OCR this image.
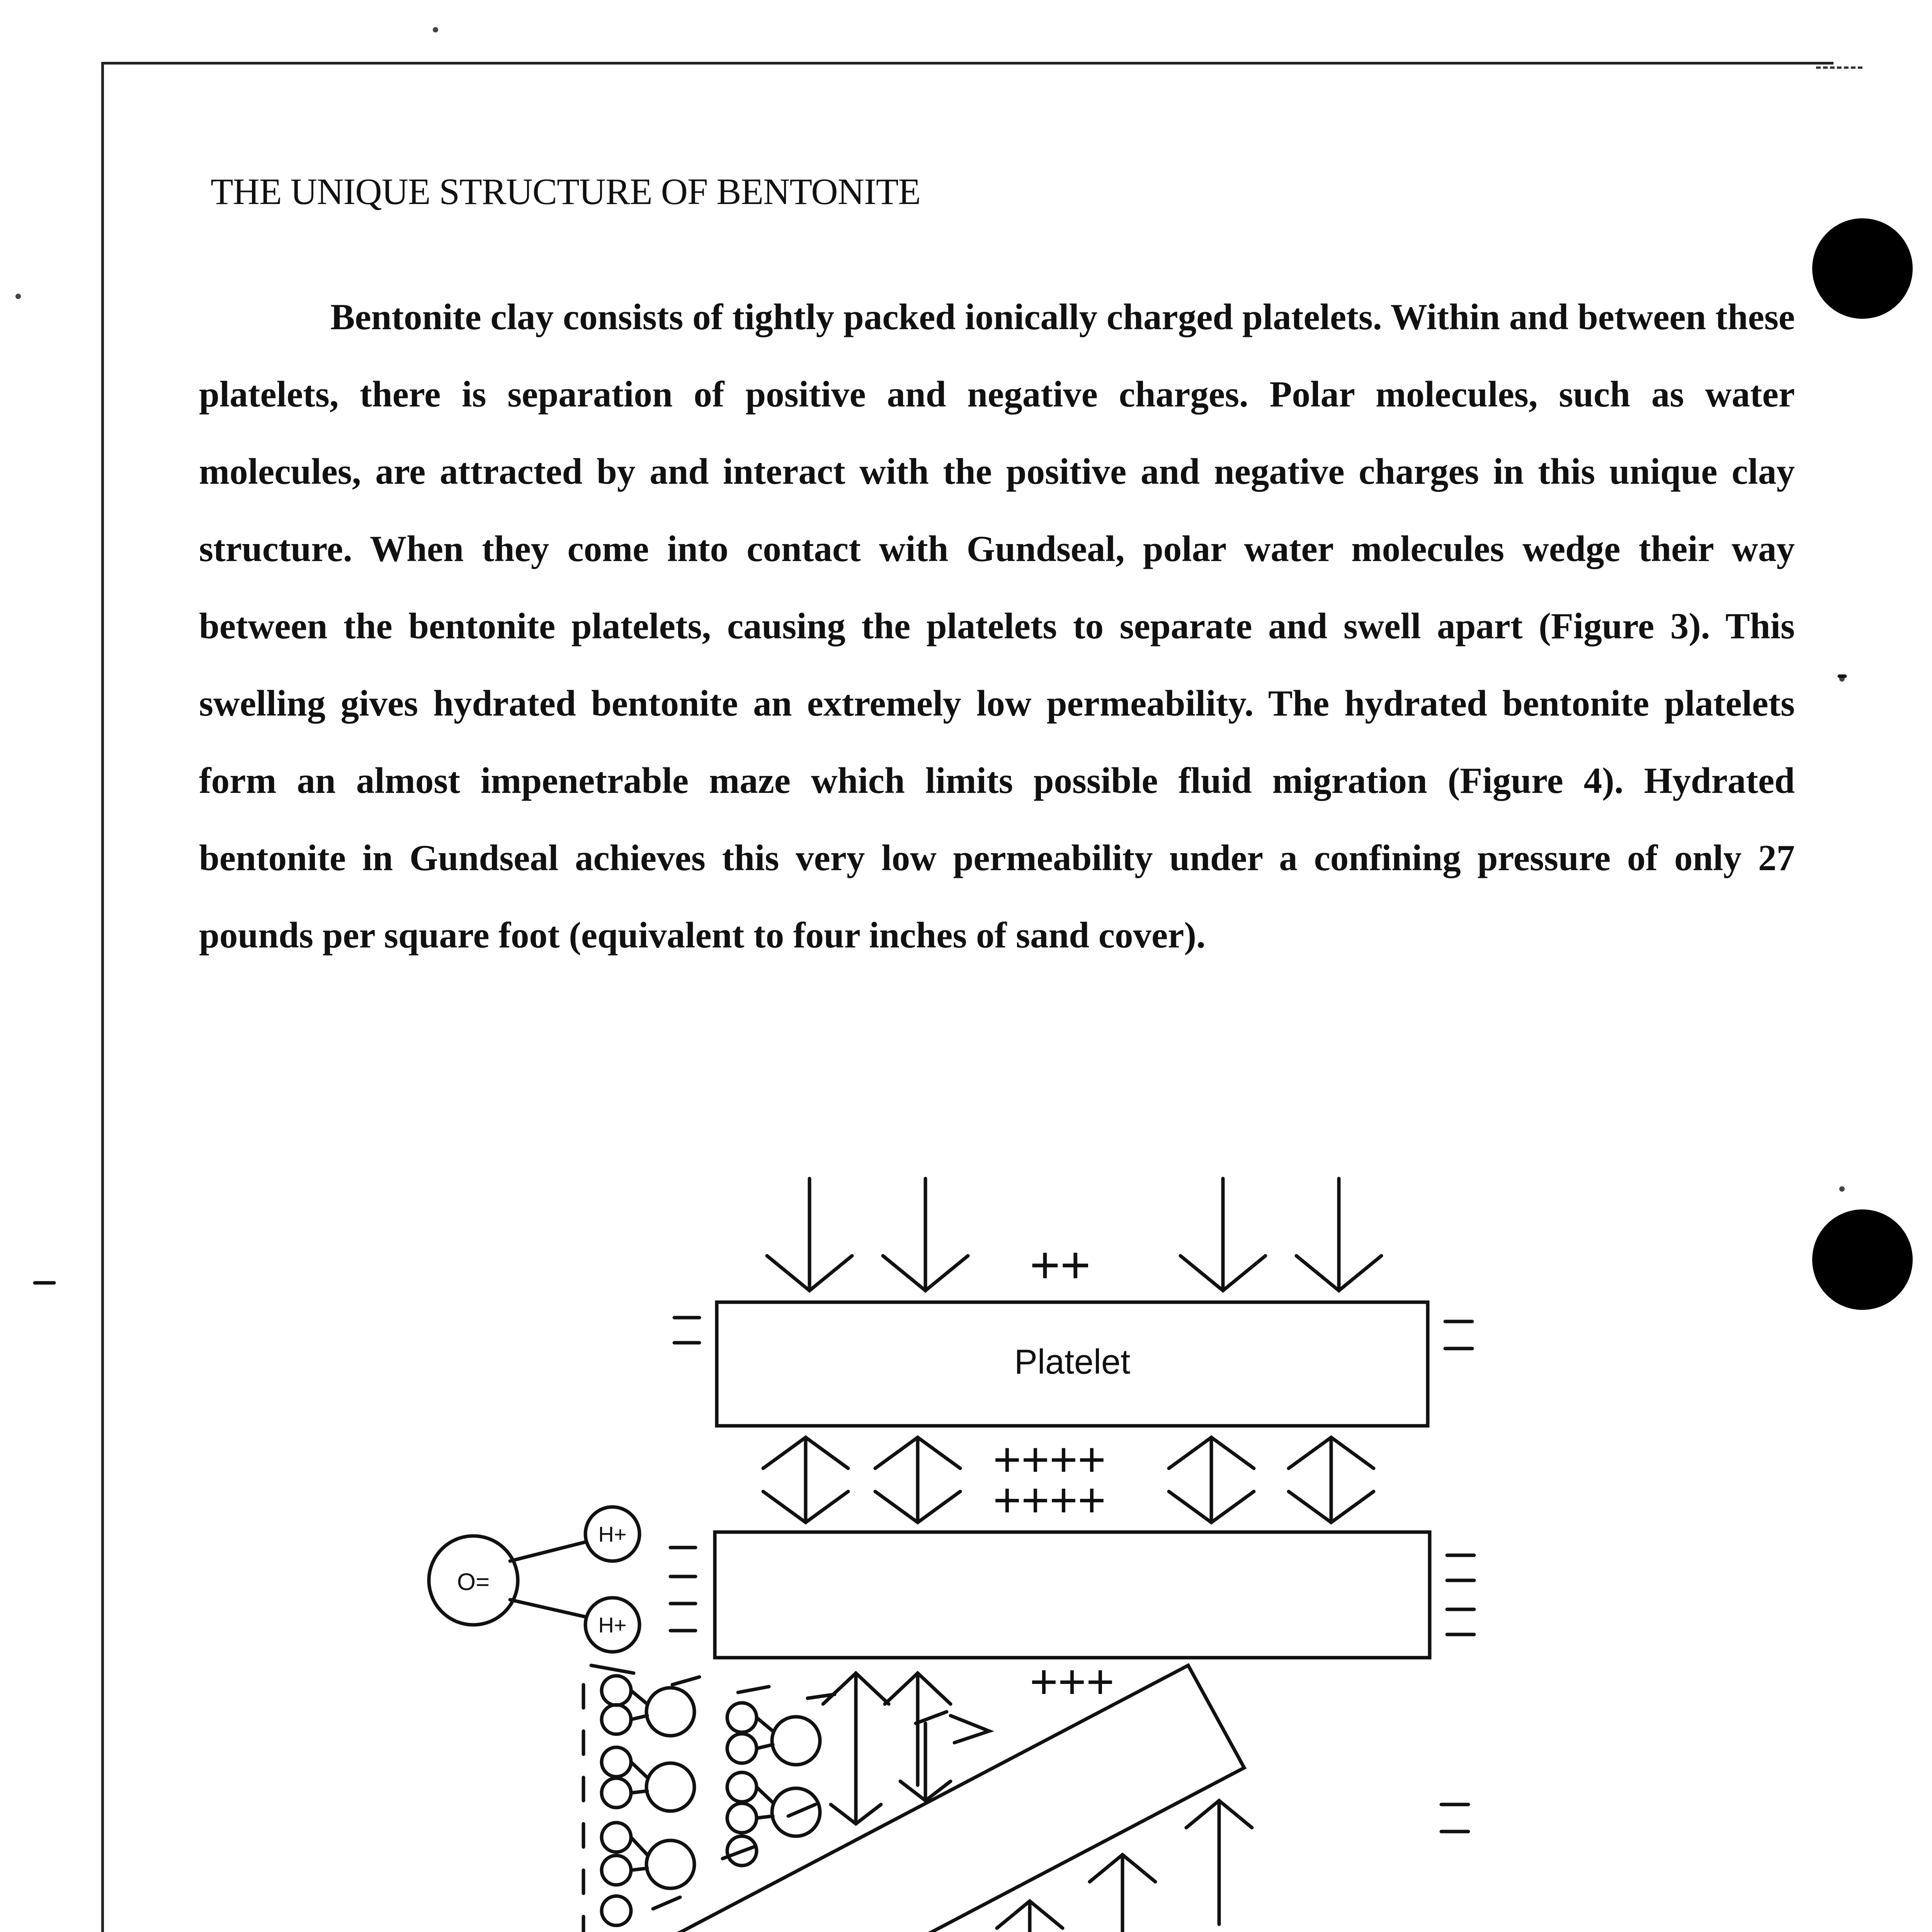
THE UNIQUE STRUCTURE OF BENTONITE
Bentonite clay consists of tightly packed ionically charged platelets. Within and between these platelets, there is separation of positive and negative charges. Polar molecules, such as water molecules, are attracted by and interact with the positive and negative charges in this unique clay structure. When they come into contact with Gundseal, polar water molecules wedge their way between the bentonite platelets, causing the platelets to separate and swell apart (Figure 3). This swelling gives hydrated bentonite an extremely low permeability. The hydrated bentonite platelets form an almost impenetrable maze which limits possible fluid migration (Figure 4). Hydrated bentonite in Gundseal achieves this very low permeability under a confining pressure of only 27 pounds per square foot (equivalent to four inches of sand cover).
++
Platelet
++++
++++
O=
H+
H+
+++
